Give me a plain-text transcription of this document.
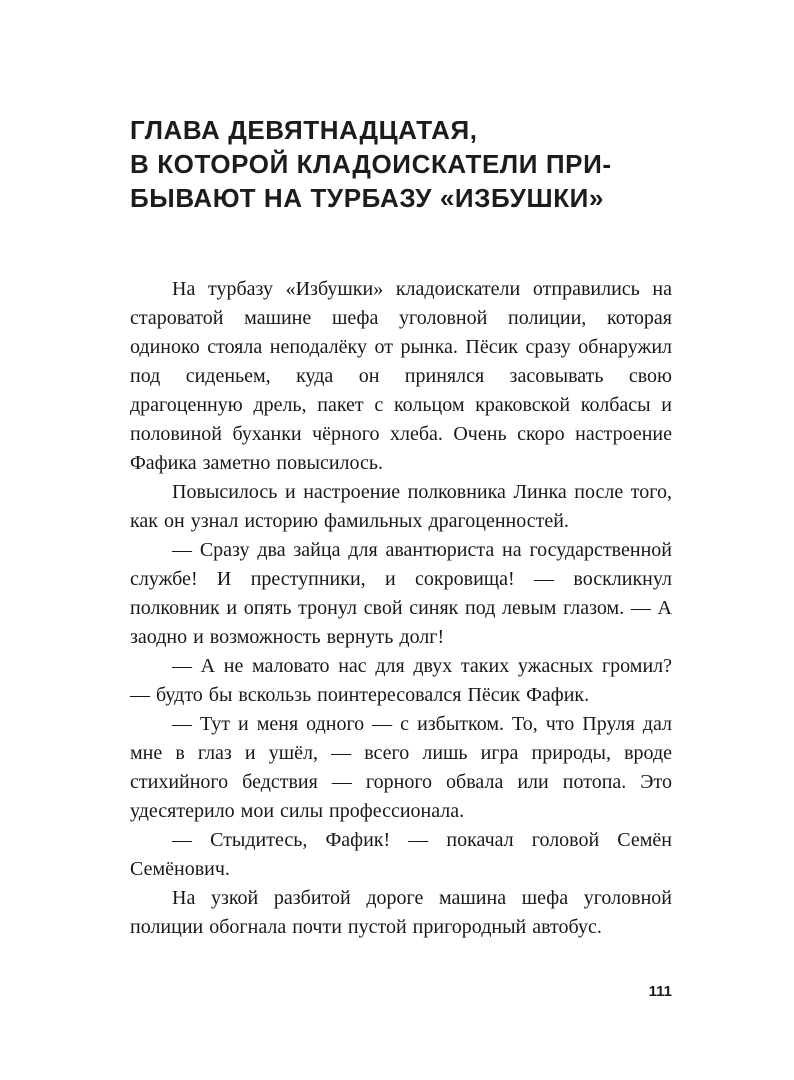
ГЛАВА ДЕВЯТНАДЦАТАЯ,
В КОТОРОЙ КЛАДОИСКАТЕЛИ ПРИ-
БЫВАЮТ НА ТУРБАЗУ «ИЗБУШКИ»

На турбазу «Избушки» кладоискатели отправились на староватой машине шефа уголовной полиции, которая одиноко стояла неподалёку от рынка. Пёсик сразу обнаружил под сиденьем, куда он принялся засовывать свою драгоценную дрель, пакет с кольцом краковской колбасы и половиной буханки чёрного хлеба. Очень скоро настроение Фафика заметно повысилось.

Повысилось и настроение полковника Линка после того, как он узнал историю фамильных драгоценностей.

— Сразу два зайца для авантюриста на государственной службе! И преступники, и сокровища! — воскликнул полковник и опять тронул свой синяк под левым глазом. — А заодно и возможность вернуть долг!

— А не маловато нас для двух таких ужасных громил? — будто бы вскользь поинтересовался Пёсик Фафик.

— Тут и меня одного — с избытком. То, что Пруля дал мне в глаз и ушёл, — всего лишь игра природы, вроде стихийного бедствия — горного обвала или потопа. Это удесятерило мои силы профессионала.

— Стыдитесь, Фафик! — покачал головой Семён Семёнович.

На узкой разбитой дороге машина шефа уголовной полиции обогнала почти пустой пригородный автобус.

111
